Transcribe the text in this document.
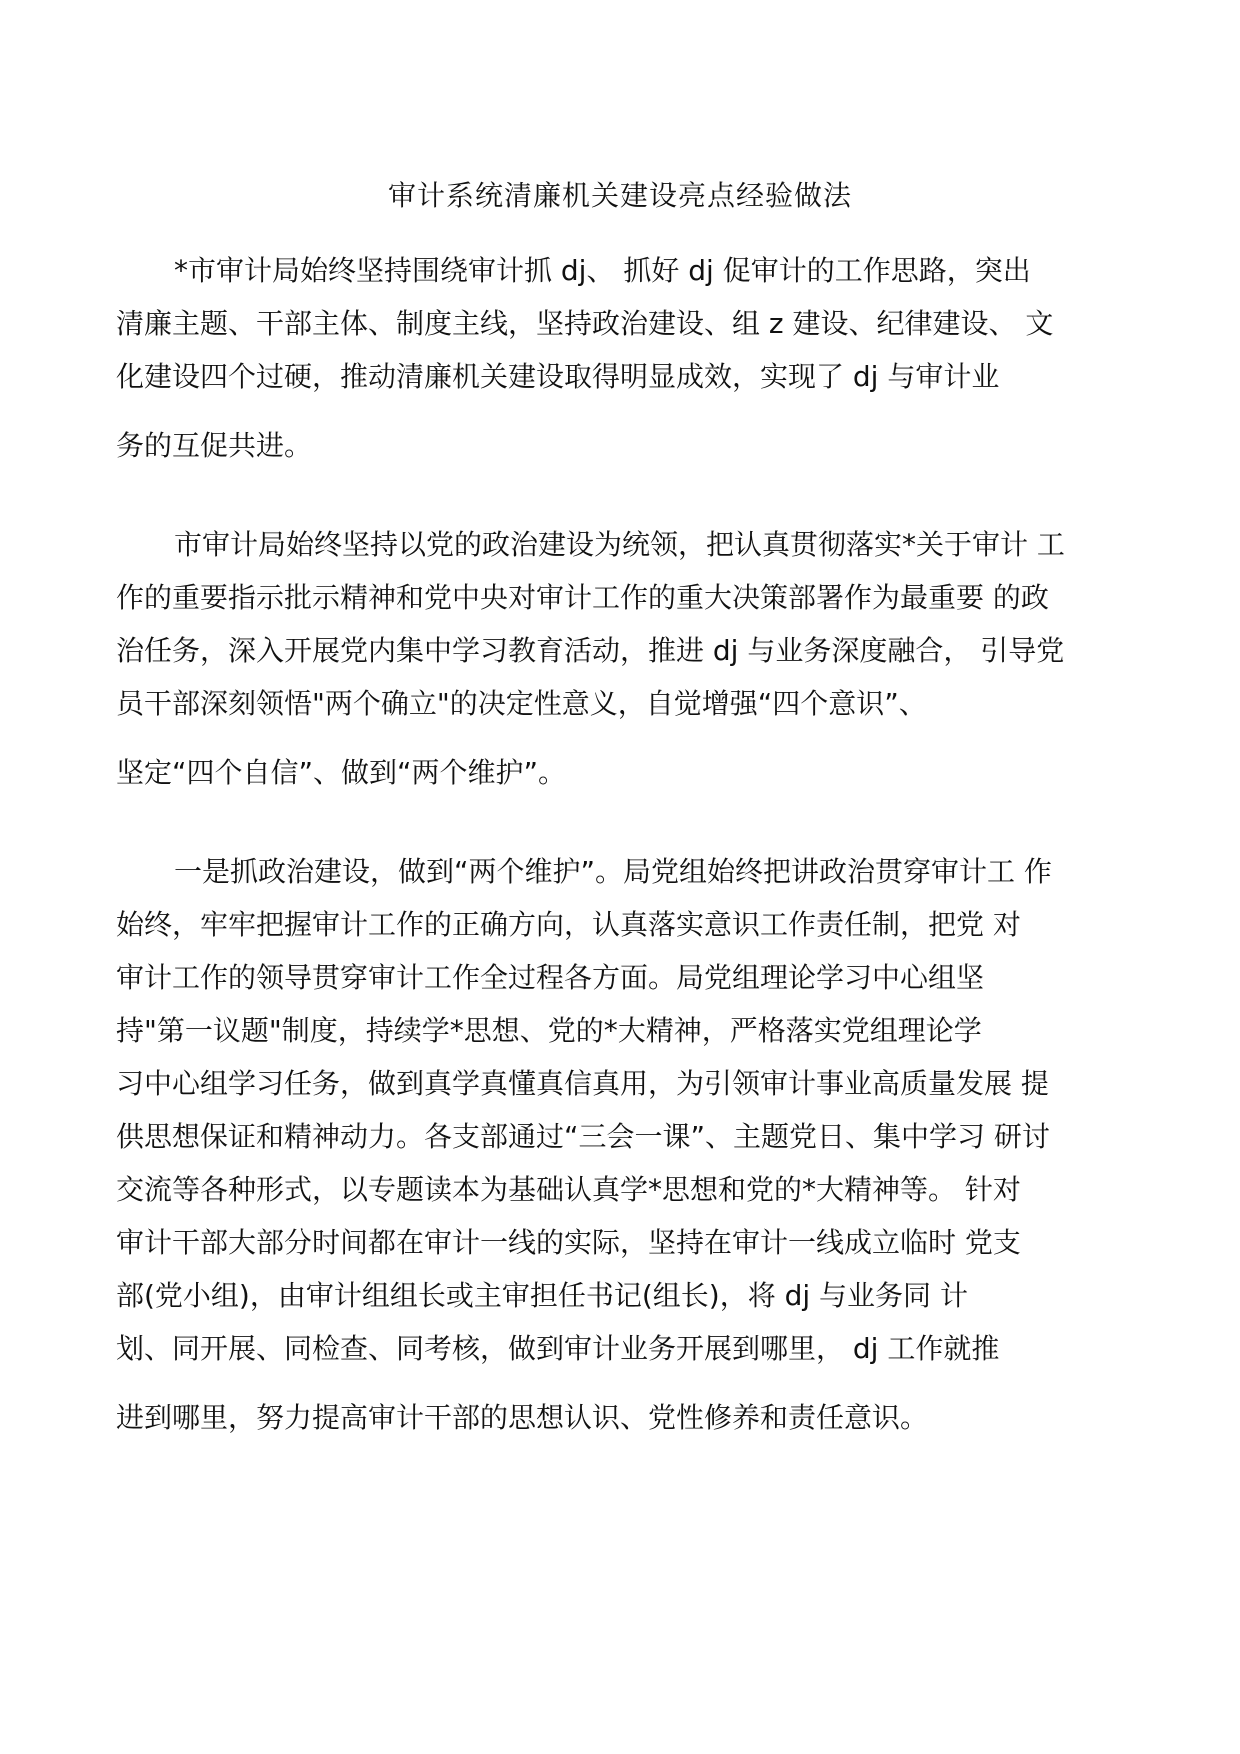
审计系统清廉机关建设亮点经验做法
*市审计局始终坚持围绕审计抓 dj、 抓好 dj 促审计的工作思路，突出
清廉主题、干部主体、制度主线，坚持政治建设、组 z 建设、纪律建设、 文
化建设四个过硬，推动清廉机关建设取得明显成效，实现了 dj 与审计业
务的互促共进。
市审计局始终坚持以党的政治建设为统领，把认真贯彻落实*关于审计 工
作的重要指示批示精神和党中央对审计工作的重大决策部署作为最重要 的政
治任务，深入开展党内集中学习教育活动，推进 dj 与业务深度融合， 引导党
员干部深刻领悟"两个确立"的决定性意义，自觉增强“四个意识”、
坚定“四个自信”、做到“两个维护”。
一是抓政治建设，做到“两个维护”。局党组始终把讲政治贯穿审计工 作
始终，牢牢把握审计工作的正确方向，认真落实意识工作责任制，把党 对
审计工作的领导贯穿审计工作全过程各方面。局党组理论学习中心组坚
持"第一议题"制度，持续学*思想、党的*大精神，严格落实党组理论学
习中心组学习任务，做到真学真懂真信真用，为引领审计事业高质量发展 提
供思想保证和精神动力。各支部通过“三会一课”、主题党日、集中学习 研讨
交流等各种形式，以专题读本为基础认真学*思想和党的*大精神等。 针对
审计干部大部分时间都在审计一线的实际，坚持在审计一线成立临时 党支
部(党小组)，由审计组组长或主审担任书记(组长)，将 dj 与业务同 计
划、同开展、同检查、同考核，做到审计业务开展到哪里， dj 工作就推
进到哪里，努力提高审计干部的思想认识、党性修养和责任意识。
